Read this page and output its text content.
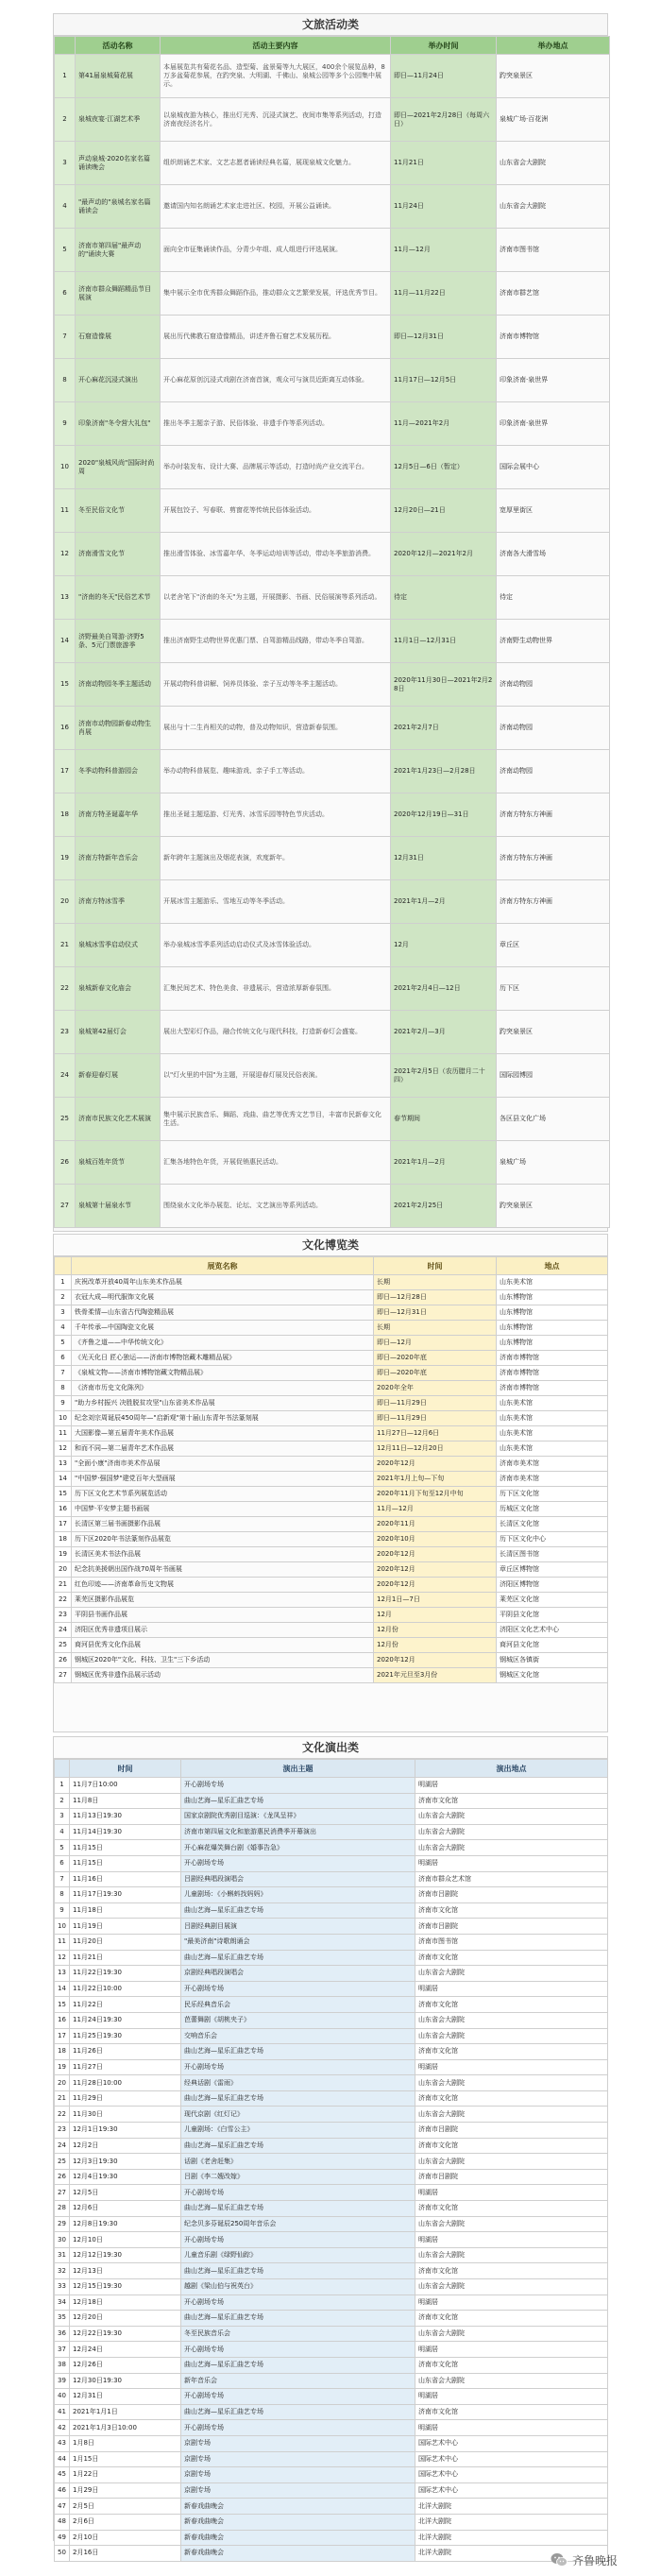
文旅活动类
	活动名称	活动主要内容	举办时间	举办地点
1	第41届泉城菊花展	本届展览共有菊花名品、造型菊、盆景菊等九大展区，400余个展览品种，8万多盆菊花参展，在趵突泉、大明湖、千佛山、泉城公园等多个公园集中展示。	即日—11月24日	趵突泉景区
2	泉城夜宴·江湖艺术季	以泉城夜游为核心，推出灯光秀、沉浸式演艺、夜间市集等系列活动，打造济南夜经济名片。	即日—2021年2月28日（每周六日）	泉城广场·百花洲
3	声动泉城·2020名家名篇诵读晚会	组织朗诵艺术家、文艺志愿者诵读经典名篇，展现泉城文化魅力。	11月21日	山东省会大剧院
4	"最声动的"泉城名家名篇诵读会	邀请国内知名朗诵艺术家走进社区、校园，开展公益诵读。	11月24日	山东省会大剧院
5	济南市第四届"最声动的"诵读大赛	面向全市征集诵读作品，分青少年组、成人组进行评选展演。	11月—12月	济南市图书馆
6	济南市群众舞蹈精品节目展演	集中展示全市优秀群众舞蹈作品，推动群众文艺繁荣发展，评选优秀节目。	11月—11月22日	济南市群艺馆
7	石窟造像展	展出历代佛教石窟造像精品，讲述齐鲁石窟艺术发展历程。	即日—12月31日	济南市博物馆
8	开心麻花沉浸式演出	开心麻花原创沉浸式戏剧在济南首演，观众可与演员近距离互动体验。	11月17日—12月5日	印象济南·泉世界
9	印象济南"冬令营大礼包"	推出冬季主题亲子游、民俗体验、非遗手作等系列活动。	11月—2021年2月	印象济南·泉世界
10	2020"泉城风尚"国际时尚周	举办时装发布、设计大赛、品牌展示等活动，打造时尚产业交流平台。	12月5日—6日（暂定）	国际会展中心
11	冬至民俗文化节	开展包饺子、写春联、剪窗花等传统民俗体验活动。	12月20日—21日	宽厚里街区
12	济南滑雪文化节	推出滑雪体验、冰雪嘉年华、冬季运动培训等活动，带动冬季旅游消费。	2020年12月—2021年2月	济南各大滑雪场
13	"济南的冬天"民俗艺术节	以老舍笔下"济南的冬天"为主题，开展摄影、书画、民俗展演等系列活动。	待定	待定
14	济野最美自驾游·济野5条、5元门票旅游季	推出济南野生动物世界优惠门票、自驾游精品线路，带动冬季自驾游。	11月1日—12月31日	济南野生动物世界
15	济南动物园冬季主题活动	开展动物科普讲解、饲养员体验、亲子互动等冬季主题活动。	2020年11月30日—2021年2月28日	济南动物园
16	济南市动物园新春动物生肖展	展出与十二生肖相关的动物，普及动物知识，营造新春氛围。	2021年2月7日	济南动物园
17	冬季动物科普游园会	举办动物科普展览、趣味游戏、亲子手工等活动。	2021年1月23日—2月28日	济南动物园
18	济南方特圣诞嘉年华	推出圣诞主题巡游、灯光秀、冰雪乐园等特色节庆活动。	2020年12月19日—31日	济南方特东方神画
19	济南方特新年音乐会	新年跨年主题演出及烟花表演，欢度新年。	12月31日	济南方特东方神画
20	济南方特冰雪季	开展冰雪主题游乐、雪地互动等冬季活动。	2021年1月—2月	济南方特东方神画
21	泉城冰雪季启动仪式	举办泉城冰雪季系列活动启动仪式及冰雪体验活动。	12月	章丘区
22	泉城新春文化庙会	汇集民间艺术、特色美食、非遗展示，营造浓厚新春氛围。	2021年2月4日—12日	历下区
23	泉城第42届灯会	展出大型彩灯作品，融合传统文化与现代科技，打造新春灯会盛宴。	2021年2月—3月	趵突泉景区
24	新春迎春灯展	以"灯火里的中国"为主题，开展迎春灯展及民俗表演。	2021年2月5日（农历腊月二十四）	国际园博园
25	济南市民族文化艺术展演	集中展示民族音乐、舞蹈、戏曲、曲艺等优秀文艺节目，丰富市民新春文化生活。	春节期间	各区县文化广场
26	泉城百姓年货节	汇集各地特色年货，开展促销惠民活动。	2021年1月—2月	泉城广场
27	泉城第十届泉水节	围绕泉水文化举办展览、论坛、文艺演出等系列活动。	2021年2月25日	趵突泉景区
文化博览类
	展览名称	时间	地点
1	庆祝改革开放40周年山东美术作品展	长期	山东美术馆
2	衣冠大成—明代服饰文化展	即日—12月28日	山东博物馆
3	铁骨柔情—山东省古代陶瓷精品展	即日—12月31日	山东博物馆
4	千年传承—中国陶瓷文化展	长期	山东博物馆
5	《齐鲁之道——中华传统文化》	即日—12月	山东博物馆
6	《光天化日 匠心独运——济南市博物馆藏木雕精品展》	即日—2020年底	济南市博物馆
7	《泉城文物——济南市博物馆藏文物精品展》	即日—2020年底	济南市博物馆
8	《济南市历史文化陈列》	2020年全年	济南市博物馆
9	"助力乡村振兴 决胜脱贫攻坚"山东省美术作品展	即日—11月29日	山东美术馆
10	纪念刘宗周诞辰450周年—"启新观"第十届山东青年书法篆刻展	即日—11月29日	山东美术馆
11	大国影像—第五届青年美术作品展	11月27日—12月6日	山东美术馆
12	和而不同—第二届青年艺术作品展	12月11日—12月20日	山东美术馆
13	"全面小康"济南市美术作品展	2020年12月	济南市美术馆
14	"中国梦·强国梦"建党百年大型画展	2021年1月上旬—下旬	济南市美术馆
15	历下区文化艺术节系列展览活动	2020年11月下旬至12月中旬	历下区文化馆
16	中国梦·平安梦主题书画展	11月—12月	历城区文化馆
17	长清区第三届书画摄影作品展	2020年11月	长清区文化馆
18	历下区2020年书法篆刻作品展览	2020年10月	历下区文化中心
19	长清区美术书法作品展	2020年12月	长清区图书馆
20	纪念抗美援朝出国作战70周年书画展	2020年12月	章丘区博物馆
21	红色印迹——济南革命历史文物展	2020年12月	济阳区博物馆
22	莱芜区摄影作品展览	12月1日—7日	莱芜区文化馆
23	平阴县书画作品展	12月	平阴县文化馆
24	济阳区优秀非遗项目展示	12月份	济阳区文化艺术中心
25	商河县优秀文化作品展	12月份	商河县文化馆
26	钢城区2020年"文化、科技、卫生"三下乡活动	2020年12月	钢城区各镇街
27	钢城区优秀非遗作品展示活动	2021年元旦至3月份	钢城区文化馆
文化演出类
	时间	演出主题	演出地点
1	11月7日10:00	开心剧场专场	明湖居
2	11月8日	曲山艺海—星乐汇曲艺专场	济南市文化馆
3	11月13日19:30	国家京剧院优秀剧目巡演：《龙凤呈祥》	山东省会大剧院
4	11月14日19:30	济南市第四届文化和旅游惠民消费季开幕演出	山东省会大剧院
5	11月15日	开心麻花爆笑舞台剧《婚事告急》	山东省会大剧院
6	11月15日	开心剧场专场	明湖居
7	11月16日	吕剧经典唱段演唱会	济南市群众艺术馆
8	11月17日19:30	儿童剧场：《小蝌蚪找妈妈》	济南市吕剧院
9	11月18日	曲山艺海—星乐汇曲艺专场	济南市文化馆
10	11月19日	吕剧经典剧目展演	济南市吕剧院
11	11月20日	"最美济南"诗歌朗诵会	济南市图书馆
12	11月21日	曲山艺海—星乐汇曲艺专场	济南市文化馆
13	11月22日19:30	京剧经典唱段演唱会	山东省会大剧院
14	11月22日10:00	开心剧场专场	明湖居
15	11月22日	民乐经典音乐会	济南市文化馆
16	11月24日19:30	芭蕾舞剧《胡桃夹子》	山东省会大剧院
17	11月25日19:30	交响音乐会	山东省会大剧院
18	11月26日	曲山艺海—星乐汇曲艺专场	济南市文化馆
19	11月27日	开心剧场专场	明湖居
20	11月28日10:00	经典话剧《雷雨》	山东省会大剧院
21	11月29日	曲山艺海—星乐汇曲艺专场	济南市文化馆
22	11月30日	现代京剧《红灯记》	山东省会大剧院
23	12月1日19:30	儿童剧场：《白雪公主》	济南市吕剧院
24	12月2日	曲山艺海—星乐汇曲艺专场	济南市文化馆
25	12月3日19:30	话剧《老舍赶集》	山东省会大剧院
26	12月4日19:30	吕剧《李二嫂改嫁》	济南市吕剧院
27	12月5日	开心剧场专场	明湖居
28	12月6日	曲山艺海—星乐汇曲艺专场	济南市文化馆
29	12月8日19:30	纪念贝多芬诞辰250周年音乐会	山东省会大剧院
30	12月10日	开心剧场专场	明湖居
31	12月12日19:30	儿童音乐剧《绿野仙踪》	山东省会大剧院
32	12月13日	曲山艺海—星乐汇曲艺专场	济南市文化馆
33	12月15日19:30	越剧《梁山伯与祝英台》	山东省会大剧院
34	12月18日	开心剧场专场	明湖居
35	12月20日	曲山艺海—星乐汇曲艺专场	济南市文化馆
36	12月22日19:30	冬至民族音乐会	山东省会大剧院
37	12月24日	开心剧场专场	明湖居
38	12月26日	曲山艺海—星乐汇曲艺专场	济南市文化馆
39	12月30日19:30	新年音乐会	山东省会大剧院
40	12月31日	开心剧场专场	明湖居
41	2021年1月1日	曲山艺海—星乐汇曲艺专场	济南市文化馆
42	2021年1月3日10:00	开心剧场专场	明湖居
43	1月8日	京剧专场	国际艺术中心
44	1月15日	京剧专场	国际艺术中心
45	1月22日	京剧专场	国际艺术中心
46	1月29日	京剧专场	国际艺术中心
47	2月5日	新春戏曲晚会	北洋大剧院
48	2月6日	新春戏曲晚会	北洋大剧院
49	2月10日	新春戏曲晚会	北洋大剧院
50	2月16日	新春戏曲晚会	北洋大剧院
齐鲁晚报
